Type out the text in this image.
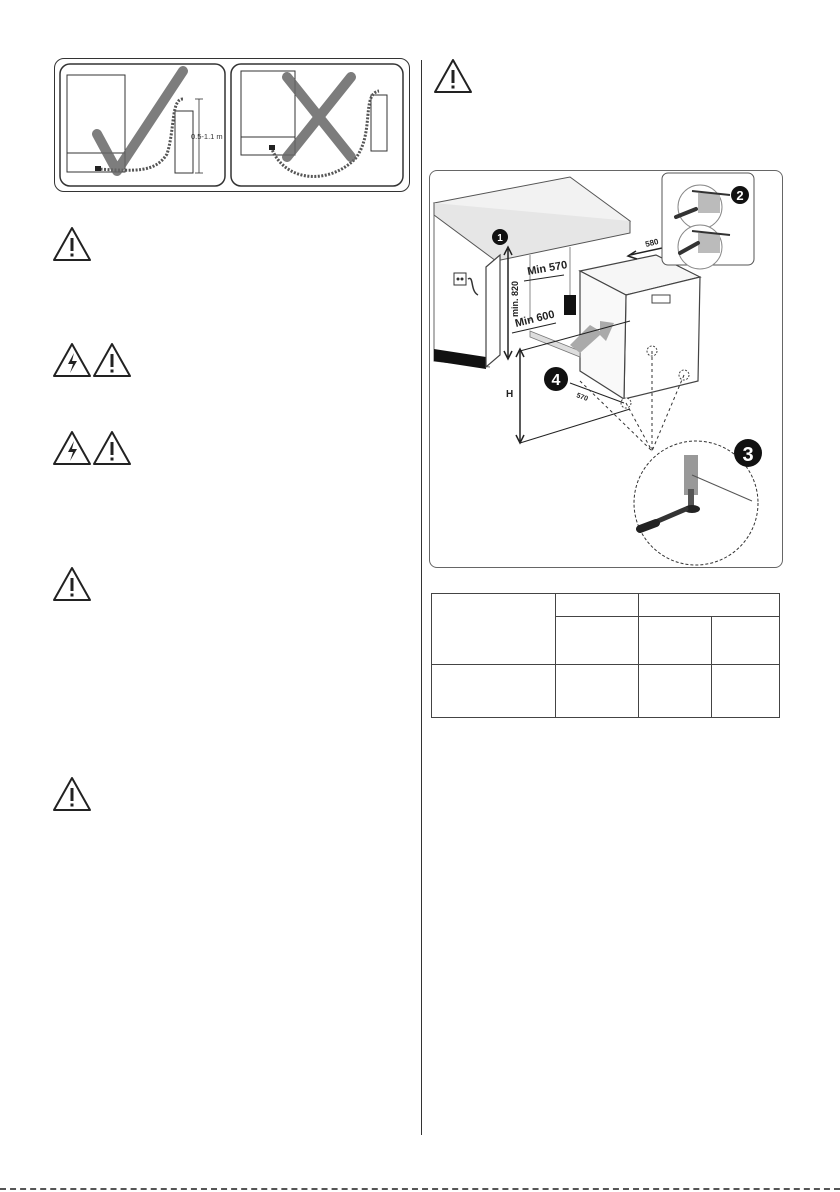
0.5-1.1 m
1
min. 820
Min 570
Min 600
580
H
4
570
3
2
